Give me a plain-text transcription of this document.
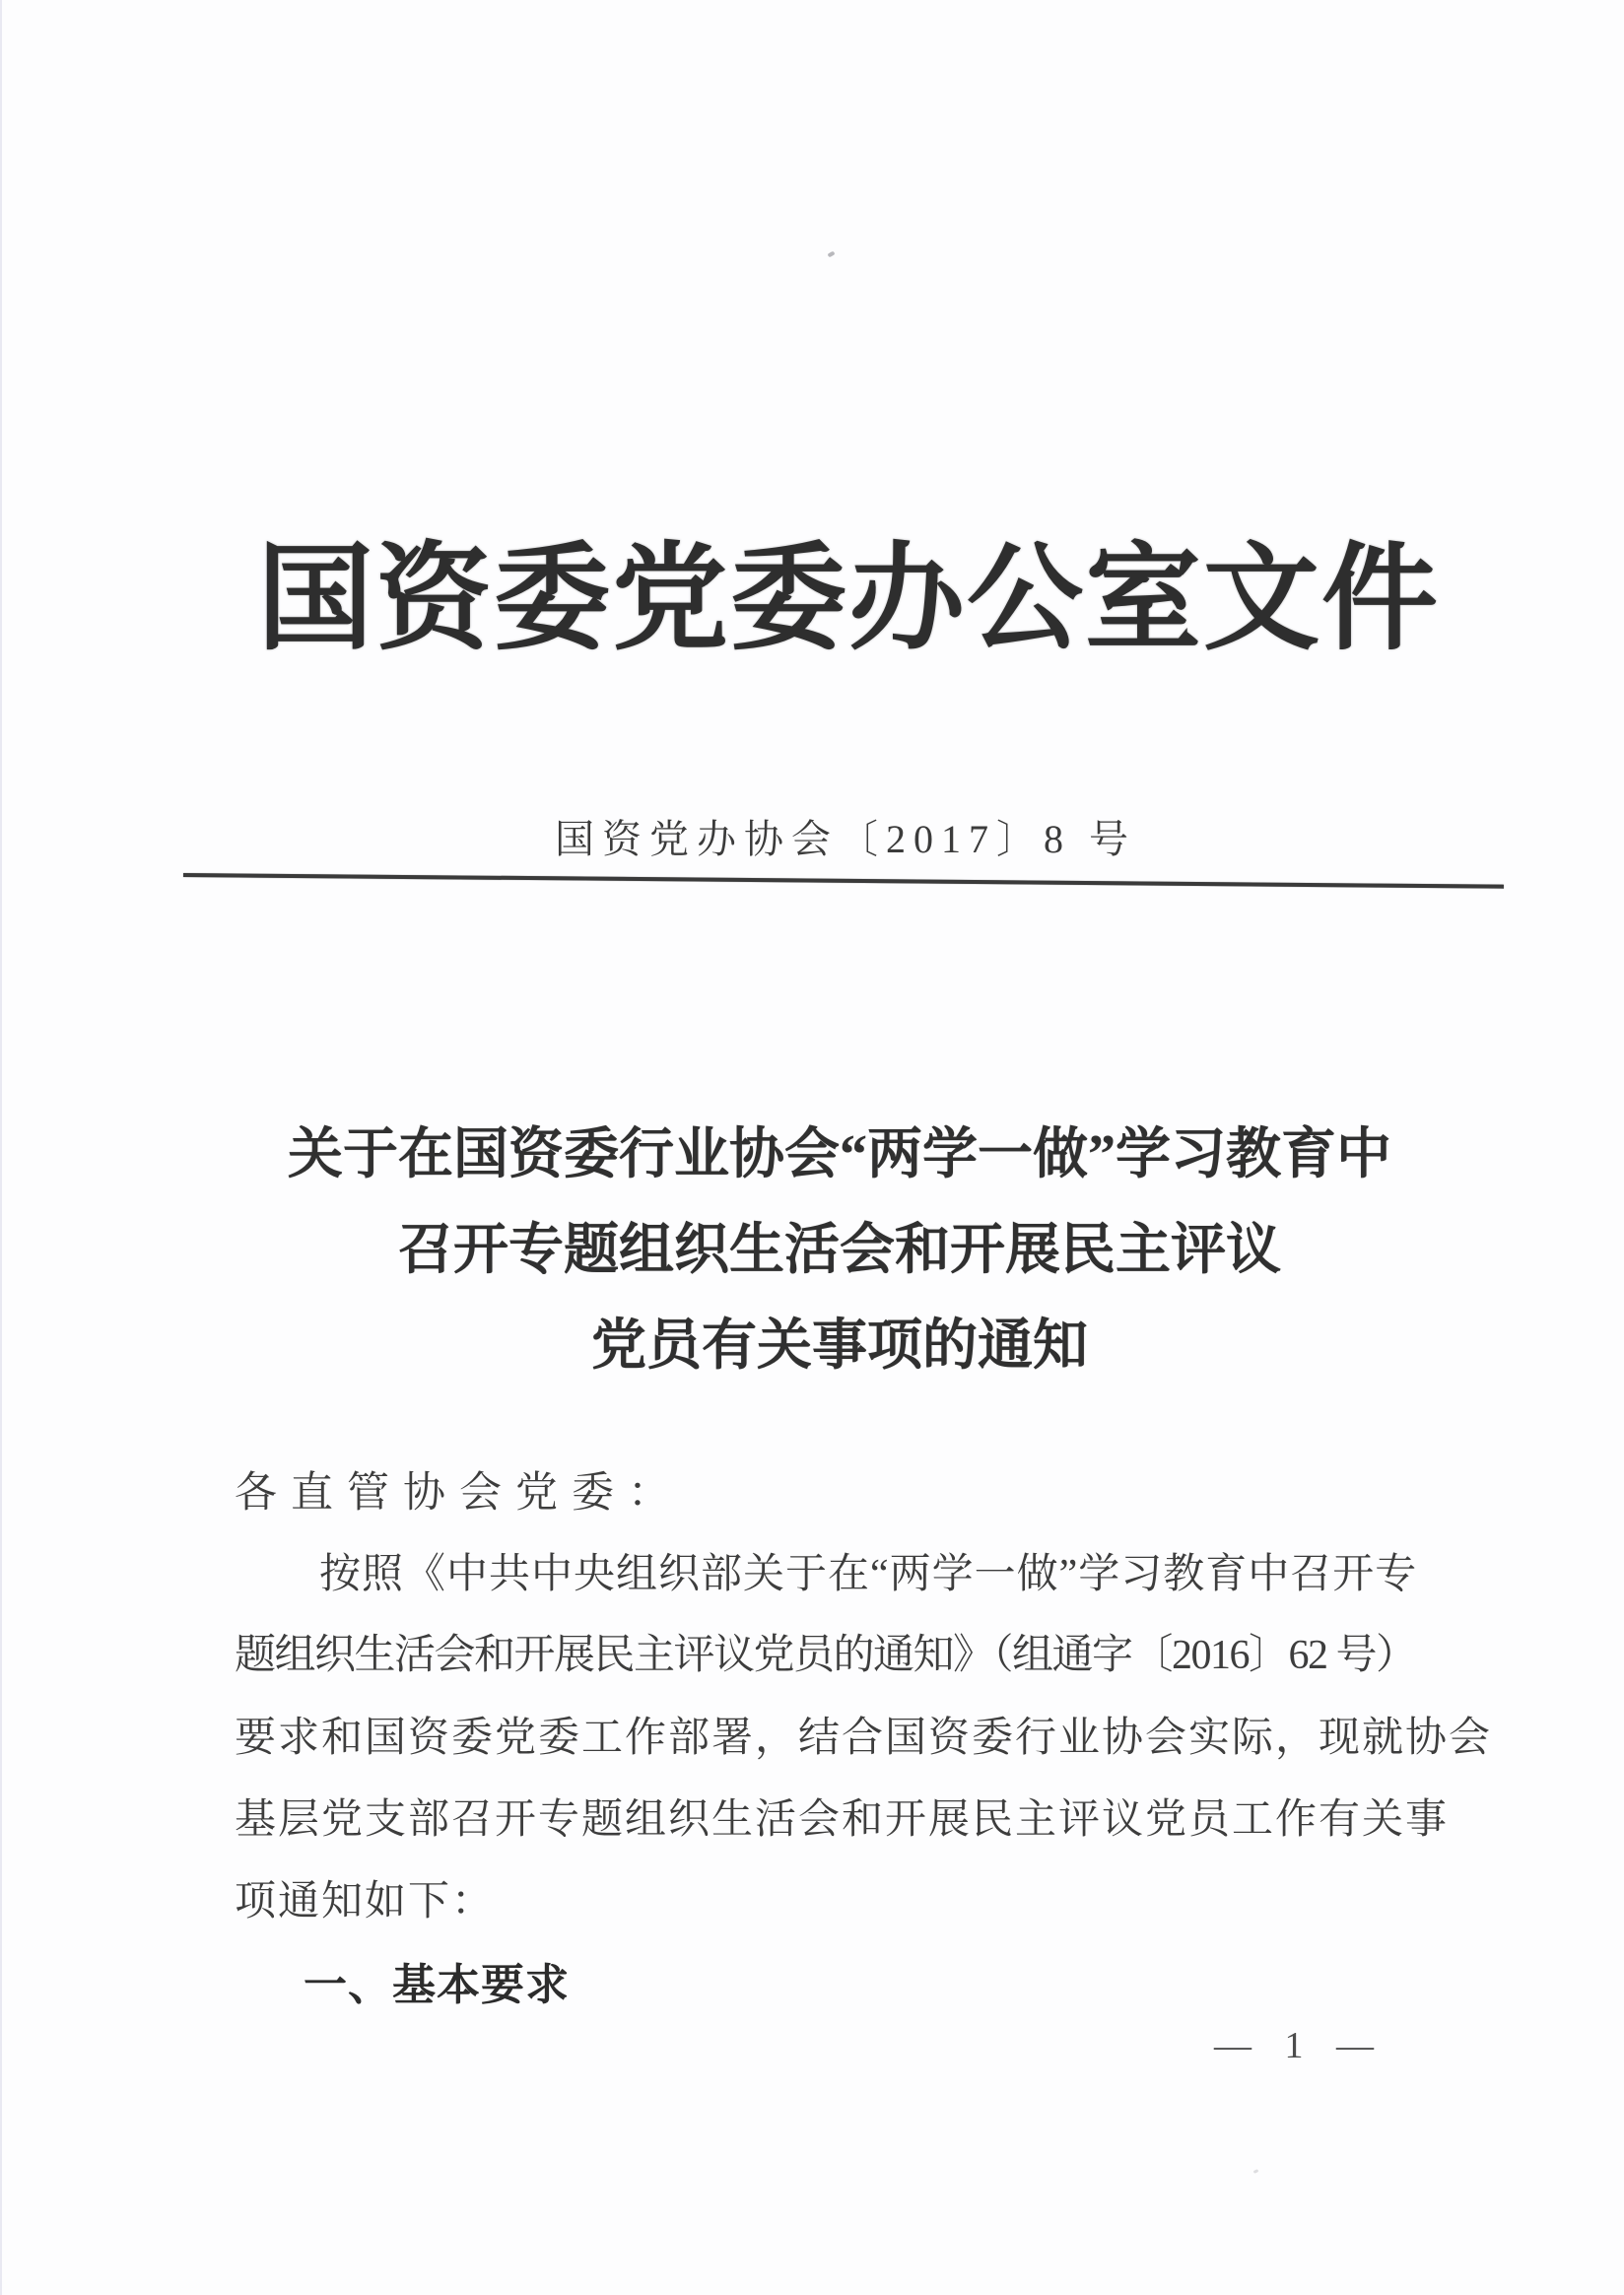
国资委党委办公室文件
国资党办协会〔2017〕8 号
关于在国资委行业协会“两学一做”学习教育中
召开专题组织生活会和开展民主评议
党员有关事项的通知
各直管协会党委：
按照《中共中央组织部关于在“两学一做”学习教育中召开专
题组织生活会和开展民主评议党员的通知》（组通字〔2016〕62 号）
要求和国资委党委工作部署，结合国资委行业协会实际，现就协会
基层党支部召开专题组织生活会和开展民主评议党员工作有关事
项通知如下：
一、基本要求
— 1 —
